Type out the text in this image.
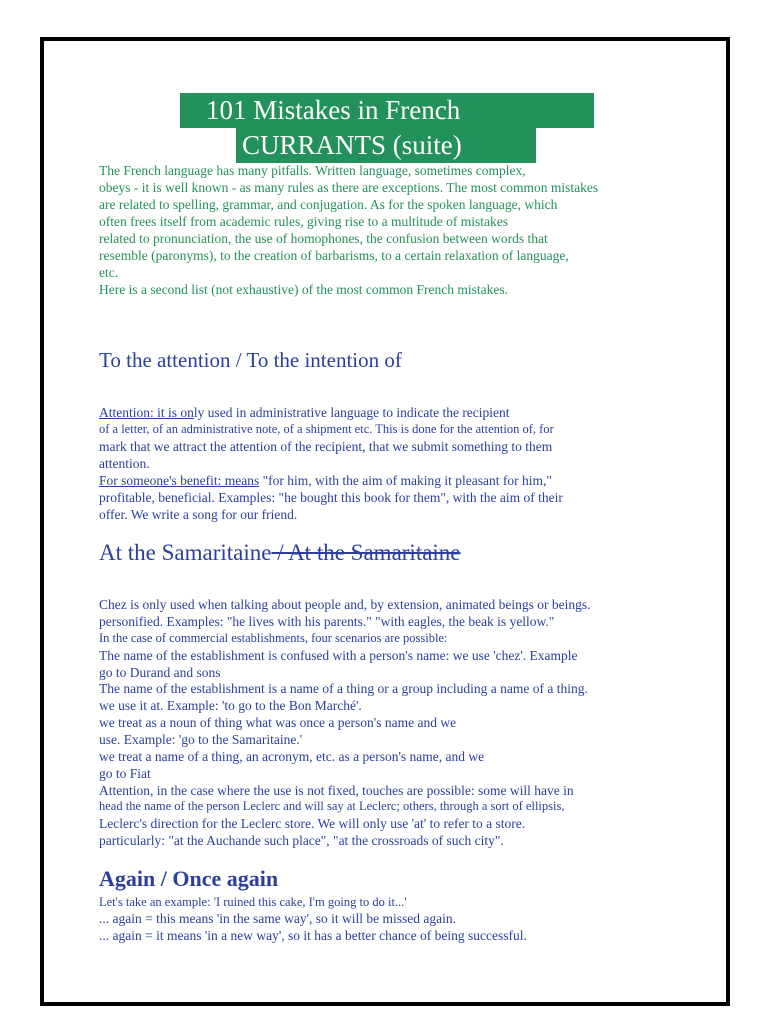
101 Mistakes in French
CURRANTS (suite)
The French language has many pitfalls. Written language, sometimes complex,
obeys - it is well known - as many rules as there are exceptions. The most common mistakes
are related to spelling, grammar, and conjugation. As for the spoken language, which
often frees itself from academic rules, giving rise to a multitude of mistakes
related to pronunciation, the use of homophones, the confusion between words that
resemble (paronyms), to the creation of barbarisms, to a certain relaxation of language,
etc.
Here is a second list (not exhaustive) of the most common French mistakes.
To the attention / To the intention of
Attention: it is only used in administrative language to indicate the recipient
of a letter, of an administrative note, of a shipment etc. This is done for the attention of, for
mark that we attract the attention of the recipient, that we submit something to them
attention.
For someone's benefit: means "for him, with the aim of making it pleasant for him,"
profitable, beneficial. Examples: "he bought this book for them", with the aim of their
offer. We write a song for our friend.
At the Samaritaine / At the Samaritaine
Chez is only used when talking about people and, by extension, animated beings or beings.
personified. Examples: "he lives with his parents." "with eagles, the beak is yellow."
In the case of commercial establishments, four scenarios are possible:
The name of the establishment is confused with a person's name: we use 'chez'. Example
go to Durand and sons
The name of the establishment is a name of a thing or a group including a name of a thing.
we use it at. Example: 'to go to the Bon Marché'.
we treat as a noun of thing what was once a person's name and we
use. Example: 'go to the Samaritaine.'
we treat a name of a thing, an acronym, etc. as a person's name, and we
go to Fiat
Attention, in the case where the use is not fixed, touches are possible: some will have in
head the name of the person Leclerc and will say at Leclerc; others, through a sort of ellipsis,
Leclerc's direction for the Leclerc store. We will only use 'at' to refer to a store.
particularly: "at the Auchande such place", "at the crossroads of such city".
Again / Once again
Let's take an example: 'I ruined this cake, I'm going to do it...'
... again = this means 'in the same way', so it will be missed again.
... again = it means 'in a new way', so it has a better chance of being successful.
